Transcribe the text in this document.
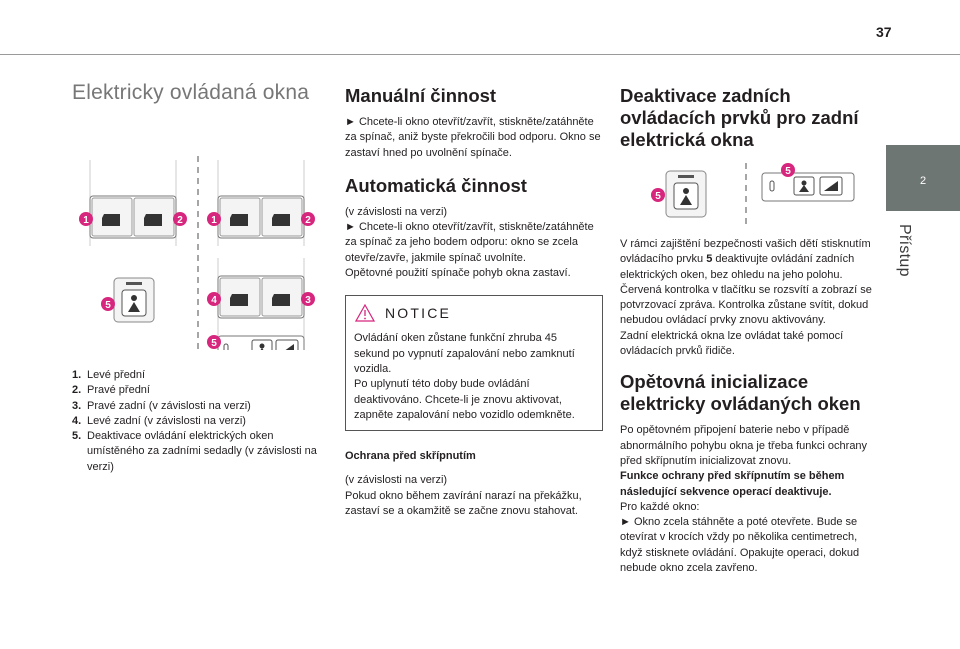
37
2
Přístup
Elektricky ovládaná okna
1	2	1	2
5	4	3
5
1. Levé přední
2. Pravé přední
3. Pravé zadní (v závislosti na verzi)
4. Levé zadní (v závislosti na verzi)
5. Deaktivace ovládání elektrických oken umístěného za zadními sedadly (v závislosti na verzi)
Manuální činnost

► Chcete-li okno otevřít/zavřít, stiskněte/zatáhněte za spínač, aniž byste překročili bod odporu. Okno se zastaví hned po uvolnění spínače.

Automatická činnost

(v závislosti na verzi)

► Chcete-li okno otevřít/zavřít, stiskněte/zatáhněte za spínač za jeho bodem odporu: okno se zcela otevře/zavře, jakmile spínač uvolníte.

Opětovné použití spínače pohyb okna zastaví.

NOTICE

Ovládání oken zůstane funkční zhruba 45 sekund po vypnutí zapalování nebo zamknutí vozidla.

Po uplynutí této doby bude ovládání deaktivováno. Chcete-li je znovu aktivovat, zapněte zapalování nebo vozidlo odemkněte.

Ochrana před skřípnutím

(v závislosti na verzi)

Pokud okno během zavírání narazí na překážku, zastaví se a okamžitě se začne znovu stahovat.

Deaktivace zadních ovládacích prvků pro zadní elektrická okna
5
5

V rámci zajištění bezpečnosti vašich dětí stisknutím ovládacího prvku 5 deaktivujte ovládání zadních elektrických oken, bez ohledu na jeho polohu.

Červená kontrolka v tlačítku se rozsvítí a zobrazí se potvrzovací zpráva. Kontrolka zůstane svítit, dokud nebudou ovládací prvky znovu aktivovány.

Zadní elektrická okna lze ovládat také pomocí ovládacích prvků řidiče.

Opětovná inicializace elektricky ovládaných oken

Po opětovném připojení baterie nebo v případě abnormálního pohybu okna je třeba funkci ochrany před skřípnutím inicializovat znovu.

Funkce ochrany před skřípnutím se během následující sekvence operací deaktivuje.

Pro každé okno:

► Okno zcela stáhněte a poté otevřete. Bude se otevírat v krocích vždy po několika centimetrech, když stisknete ovládání. Opakujte operaci, dokud nebude okno zcela zavřeno.
